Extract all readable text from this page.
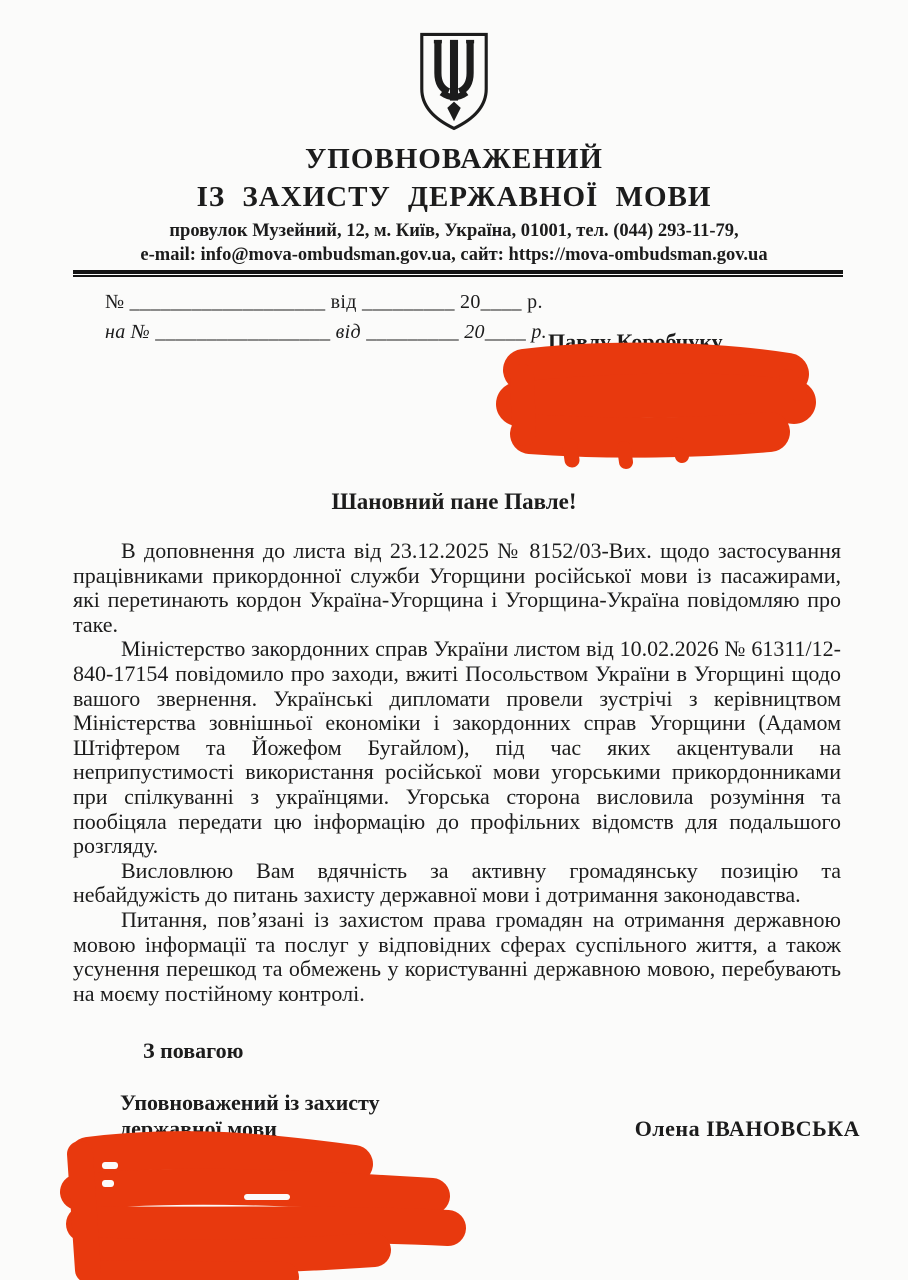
УПОВНОВАЖЕНИЙ
ІЗ ЗАХИСТУ ДЕРЖАВНОЇ МОВИ
провулок Музейний, 12, м. Київ, Україна, 01001, тел. (044) 293-11-79,
e-mail: info@mova-ombudsman.gov.ua, сайт: https://mova-ombudsman.gov.ua
№ ___________________ від _________ 20____ р.
на № _________________ від _________ 20____ р. Павлу Коробчуку
Шановний пане Павле!

В доповнення до листа від 23.12.2025 № 8152/03-Вих. щодо застосування працівниками прикордонної служби Угорщини російської мови із пасажирами, які перетинають кордон Україна-Угорщина і Угорщина-Україна повідомляю про таке.

Міністерство закордонних справ України листом від 10.02.2026 № 61311/12-840-17154 повідомило про заходи, вжиті Посольством України в Угорщині щодо вашого звернення. Українські дипломати провели зустрічі з керівництвом Міністерства зовнішньої економіки і закордонних справ Угорщини (Адамом Штіфтером та Йожефом Бугайлом), під час яких акцентували на неприпустимості використання російської мови угорськими прикордонниками при спілкуванні з українцями. Угорська сторона висловила розуміння та пообіцяла передати цю інформацію до профільних відомств для подальшого розгляду.

Висловлюю Вам вдячність за активну громадянську позицію та небайдужість до питань захисту державної мови і дотримання законодавства.

Питання, пов’язані із захистом права громадян на отримання державною мовою інформації та послуг у відповідних сферах суспільного життя, а також усунення перешкод та обмежень у користуванні державною мовою, перебувають на моєму постійному контролі.

З повагою
Уповноважений із захисту
державної мови	Олена ІВАНОВСЬКА
